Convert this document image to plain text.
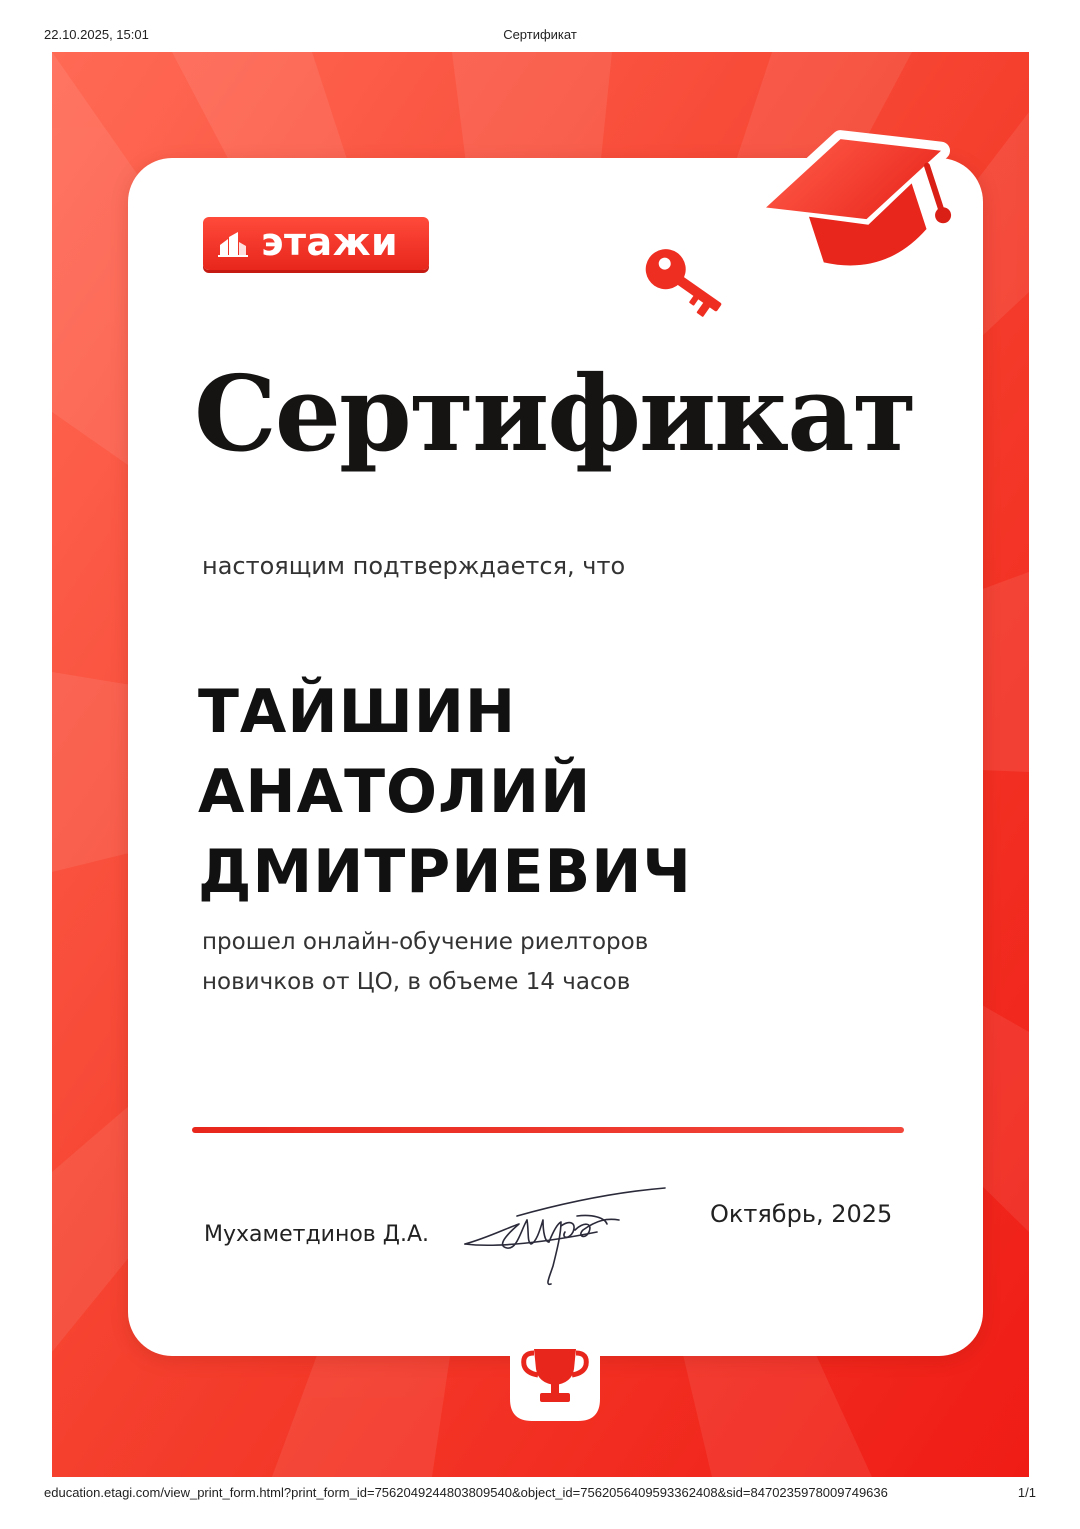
22.10.2025, 15:01	Сертификат
этажи
Сертификат
настоящим подтверждается, что
ТАЙШИН
АНАТОЛИЙ
ДМИТРИЕВИЧ
прошел онлайн-обучение риелторов
новичков от ЦО, в объеме 14 часов
Мухаметдинов Д.А.
Октябрь, 2025
education.etagi.com/view_print_form.html?print_form_id=7562049244803809540&object_id=7562056409593362408&sid=8470235978009749636	1/1
